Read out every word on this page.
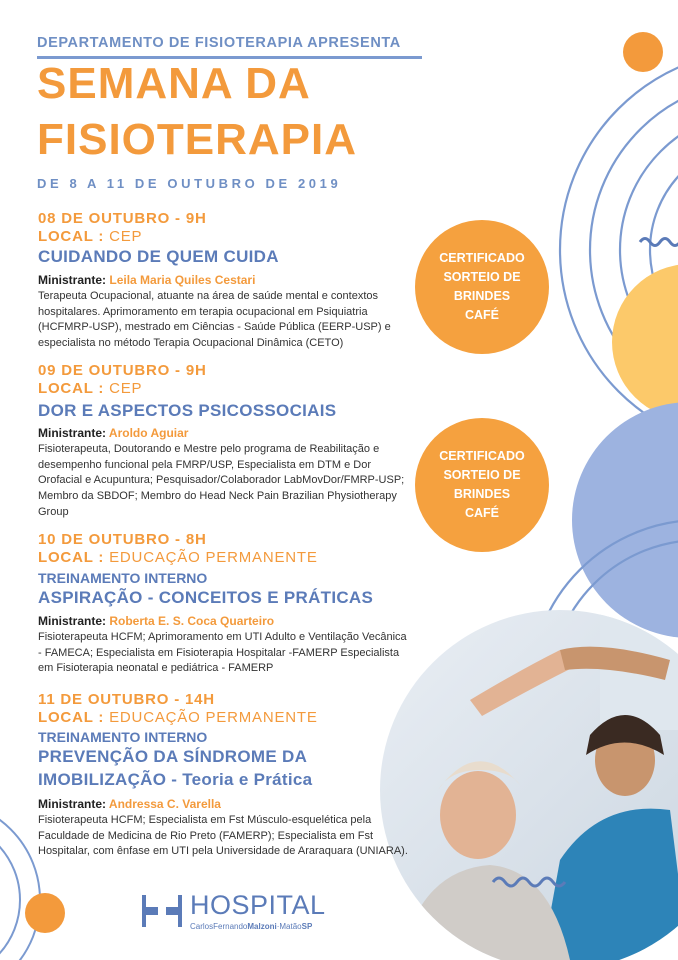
DEPARTAMENTO DE FISIOTERAPIA APRESENTA
SEMANA DA
FISIOTERAPIA
DE 8 A 11 DE OUTUBRO DE 2019
CERTIFICADO
SORTEIO DE
BRINDES
CAFÉ
CERTIFICADO
SORTEIO DE
BRINDES
CAFÉ
08 DE OUTUBRO - 9H
LOCAL : CEP
CUIDANDO DE QUEM CUIDA
Ministrante: Leila Maria Quiles Cestari
Terapeuta Ocupacional, atuante na área de saúde mental e contextos hospitalares. Aprimoramento em terapia ocupacional em Psiquiatria (HCFMRP-USP), mestrado em Ciências - Saúde Pública (EERP-USP) e especialista no método Terapia Ocupacional Dinâmica (CETO)
09 DE OUTUBRO - 9H
LOCAL : CEP
DOR E ASPECTOS PSICOSSOCIAIS
Ministrante: Aroldo Aguiar
Fisioterapeuta, Doutorando e Mestre pelo programa de Reabilitação e desempenho funcional pela FMRP/USP, Especialista em DTM e Dor Orofacial e Acupuntura; Pesquisador/Colaborador LabMovDor/FMRP-USP; Membro da SBDOF; Membro do Head Neck Pain Brazilian Physiotherapy Group
10 DE OUTUBRO - 8H
LOCAL : EDUCAÇÃO PERMANENTE
TREINAMENTO INTERNO
ASPIRAÇÃO - CONCEITOS E PRÁTICAS
Ministrante: Roberta E. S. Coca Quarteiro
Fisioterapeuta HCFM; Aprimoramento em UTI Adulto e Ventilação Vecânica - FAMECA; Especialista em Fisioterapia Hospitalar -FAMERP Especialista em Fisioterapia neonatal e pediátrica - FAMERP
11 DE OUTUBRO - 14H
LOCAL : EDUCAÇÃO PERMANENTE
TREINAMENTO INTERNO
PREVENÇÃO DA SÍNDROME DA
IMOBILIZAÇÃO - Teoria e Prática
Ministrante: Andressa C. Varella
Fisioterapeuta HCFM; Especialista em Fst Músculo-esquelética pela Faculdade de Medicina de Rio Preto (FAMERP); Especialista em Fst Hospitalar, com ênfase em UTI pela Universidade de Araraquara (UNIARA).
HOSPITAL
CarlosFernandoMalzoni·MatãoSP
